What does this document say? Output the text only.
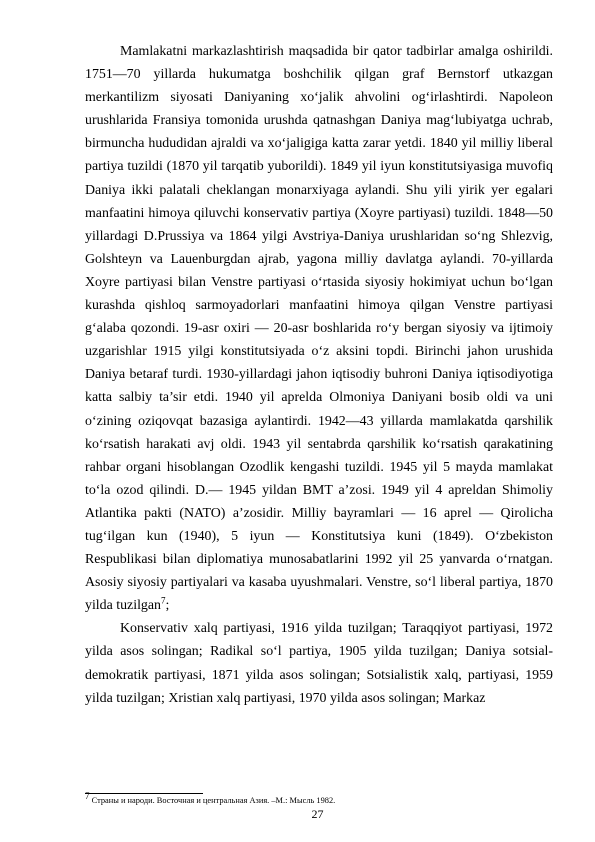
Mamlakatni markazlashtirish maqsadida bir qator tadbirlar amalga oshirildi. 1751—70 yillarda hukumatga boshchilik qilgan graf Bernstorf utkazgan merkantilizm siyosati Daniyaning xo‘jalik ahvolini og‘irlashtirdi. Napoleon urushlarida Fransiya tomonida urushda qatnashgan Daniya mag‘lubiyatga uchrab, birmuncha hududidan ajraldi va xo‘jaligiga katta zarar yetdi. 1840 yil milliy liberal partiya tuzildi (1870 yil tarqatib yuborildi). 1849 yil iyun konstitutsiyasiga muvofiq Daniya ikki palatali cheklangan monarxiyaga aylandi. Shu yili yirik yer egalari manfaatini himoya qiluvchi konservativ partiya (Xoyre partiyasi) tuzildi. 1848—50 yillardagi D.Prussiya va 1864 yilgi Avstriya-Daniya urushlaridan so‘ng Shlezvig, Golshteyn va Lauenburgdan ajrab, yagona milliy davlatga aylandi. 70-yillarda Xoyre partiyasi bilan Venstre partiyasi o‘rtasida siyosiy hokimiyat uchun bo‘lgan kurashda qishloq sarmoyadorlari manfaatini himoya qilgan Venstre partiyasi g‘alaba qozondi. 19-asr oxiri — 20-asr boshlarida ro‘y bergan siyosiy va ijtimoiy uzgarishlar 1915 yilgi konstitutsiyada o‘z aksini topdi. Birinchi jahon urushida Daniya betaraf turdi. 1930-yillardagi jahon iqtisodiy buhroni Daniya iqtisodiyotiga katta salbiy ta’sir etdi. 1940 yil aprelda Olmoniya Daniyani bosib oldi va uni o‘zining oziqovqat bazasiga aylantirdi. 1942—43 yillarda mamlakatda qarshilik ko‘rsatish harakati avj oldi. 1943 yil sentabrda qarshilik ko‘rsatish qarakatining rahbar organi hisoblangan Ozodlik kengashi tuzildi. 1945 yil 5 mayda mamlakat to‘la ozod qilindi. D.— 1945 yildan BMT a’zosi. 1949 yil 4 apreldan Shimoliy Atlantika pakti (NATO) a’zosidir. Milliy bayramlari — 16 aprel — Qirolicha tug‘ilgan kun (1940), 5 iyun — Konstitutsiya kuni (1849). O‘zbekiston Respublikasi bilan diplomatiya munosabatlarini 1992 yil 25 yanvarda o‘rnatgan. Asosiy siyosiy partiyalari va kasaba uyushmalari. Venstre, so‘l liberal partiya, 1870 yilda tuzilgan$^7$;

Konservativ xalq partiyasi, 1916 yilda tuzilgan; Taraqqiyot partiyasi, 1972 yilda asos solingan; Radikal so‘l partiya, 1905 yilda tuzilgan; Daniya sotsial-demokratik partiyasi, 1871 yilda asos solingan; Sotsialistik xalq, partiyasi, 1959 yilda tuzilgan; Xristian xalq partiyasi, 1970 yilda asos solingan; Markaz

$^7$ Страны и народи. Восточная и центральная Азия. –М.: Мысль 1982.

27
